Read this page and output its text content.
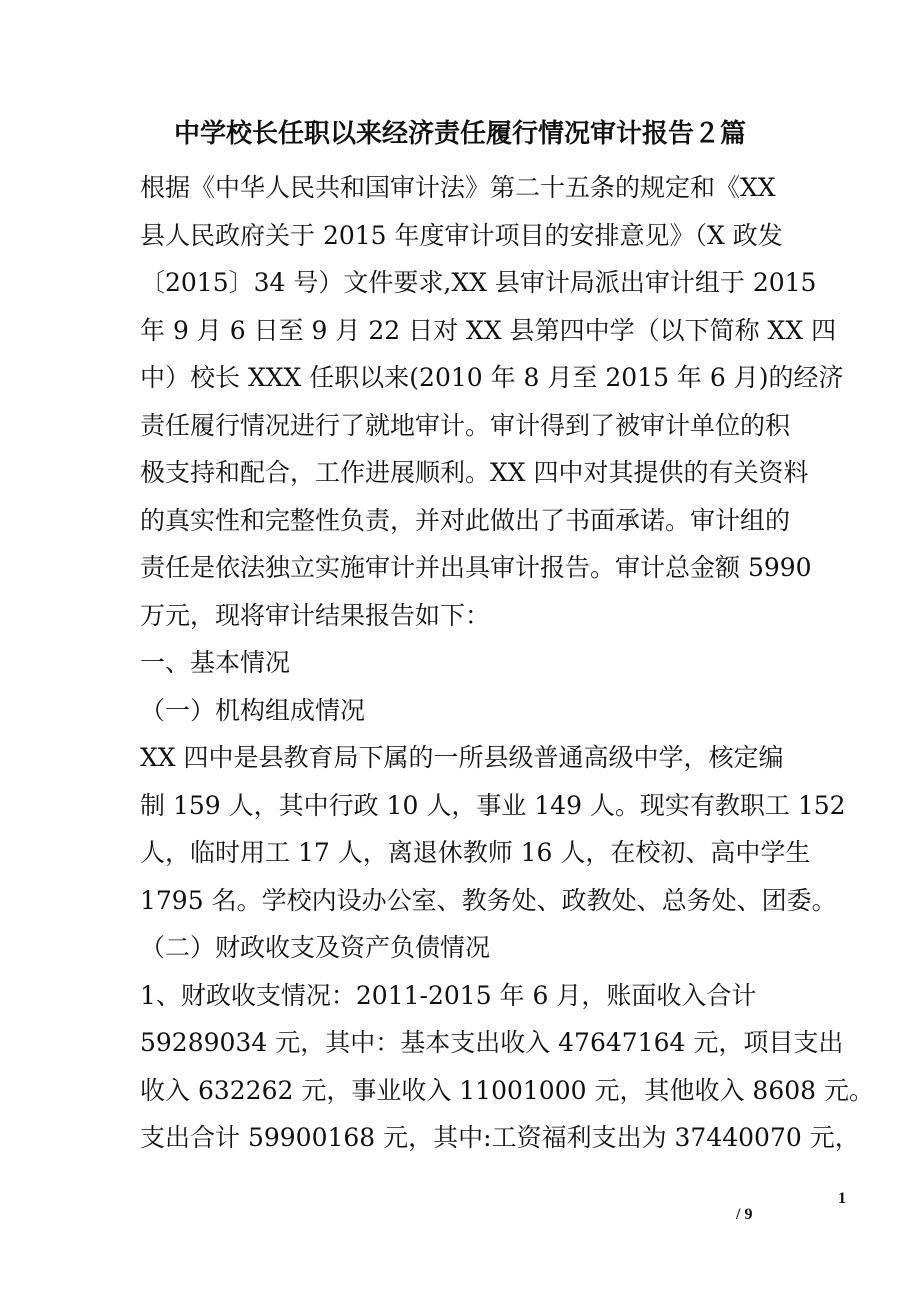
中学校长任职以来经济责任履行情况审计报告２篇
根据《中华人民共和国审计法》第二十五条的规定和《XX
县人民政府关于 2015 年度审计项目的安排意见》（X 政发
〔2015〕34 号）文件要求,XX 县审计局派出审计组于 2015
年 9 月 6 日至 9 月 22 日对 XX 县第四中学（以下简称 XX 四
中）校长 XXX 任职以来(2010 年 8 月至 2015 年 6 月)的经济
责任履行情况进行了就地审计。审计得到了被审计单位的积
极支持和配合，工作进展顺利。XX 四中对其提供的有关资料
的真实性和完整性负责，并对此做出了书面承诺。审计组的
责任是依法独立实施审计并出具审计报告。审计总金额 5990
万元，现将审计结果报告如下：
一、基本情况
（一）机构组成情况
XX 四中是县教育局下属的一所县级普通高级中学，核定编
制 159 人，其中行政 10 人，事业 149 人。现实有教职工 152
人，临时用工 17 人，离退休教师 16 人，在校初、高中学生
1795 名。学校内设办公室、教务处、政教处、总务处、团委。
（二）财政收支及资产负债情况
1、财政收支情况：2011-2015 年 6 月，账面收入合计
59289034 元，其中：基本支出收入 47647164 元，项目支出
收入 632262 元，事业收入 11001000 元，其他收入 8608 元。
支出合计 59900168 元，其中:工资福利支出为 37440070 元，
1
/ 9
